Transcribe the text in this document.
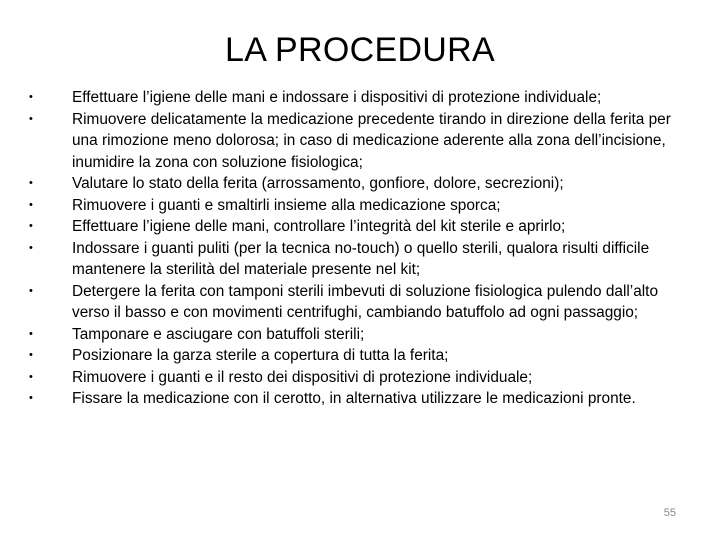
LA PROCEDURA
•	Effettuare l’igiene delle mani e indossare i dispositivi di protezione individuale;
•	Rimuovere delicatamente la medicazione precedente tirando in direzione della ferita per una rimozione meno dolorosa; in caso di medicazione aderente alla zona dell’incisione, inumidire la zona con soluzione fisiologica;
•	Valutare lo stato della ferita (arrossamento, gonfiore, dolore, secrezioni);
•	Rimuovere i guanti e smaltirli insieme alla medicazione sporca;
•	Effettuare l’igiene delle mani, controllare l’integrità del kit sterile e aprirlo;
•	Indossare i guanti puliti (per la tecnica no-touch) o quello sterili, qualora risulti difficile mantenere la sterilità del materiale presente nel kit;
•	Detergere la ferita con tamponi sterili imbevuti di soluzione fisiologica pulendo dall’alto verso il basso e con movimenti centrifughi, cambiando batuffolo ad ogni passaggio;
•	Tamponare e asciugare con batuffoli sterili;
•	Posizionare la garza sterile a copertura di tutta la ferita;
•	Rimuovere i guanti e il resto dei dispositivi di protezione individuale;
•	Fissare la medicazione con il cerotto, in alternativa utilizzare le medicazioni pronte.
55
